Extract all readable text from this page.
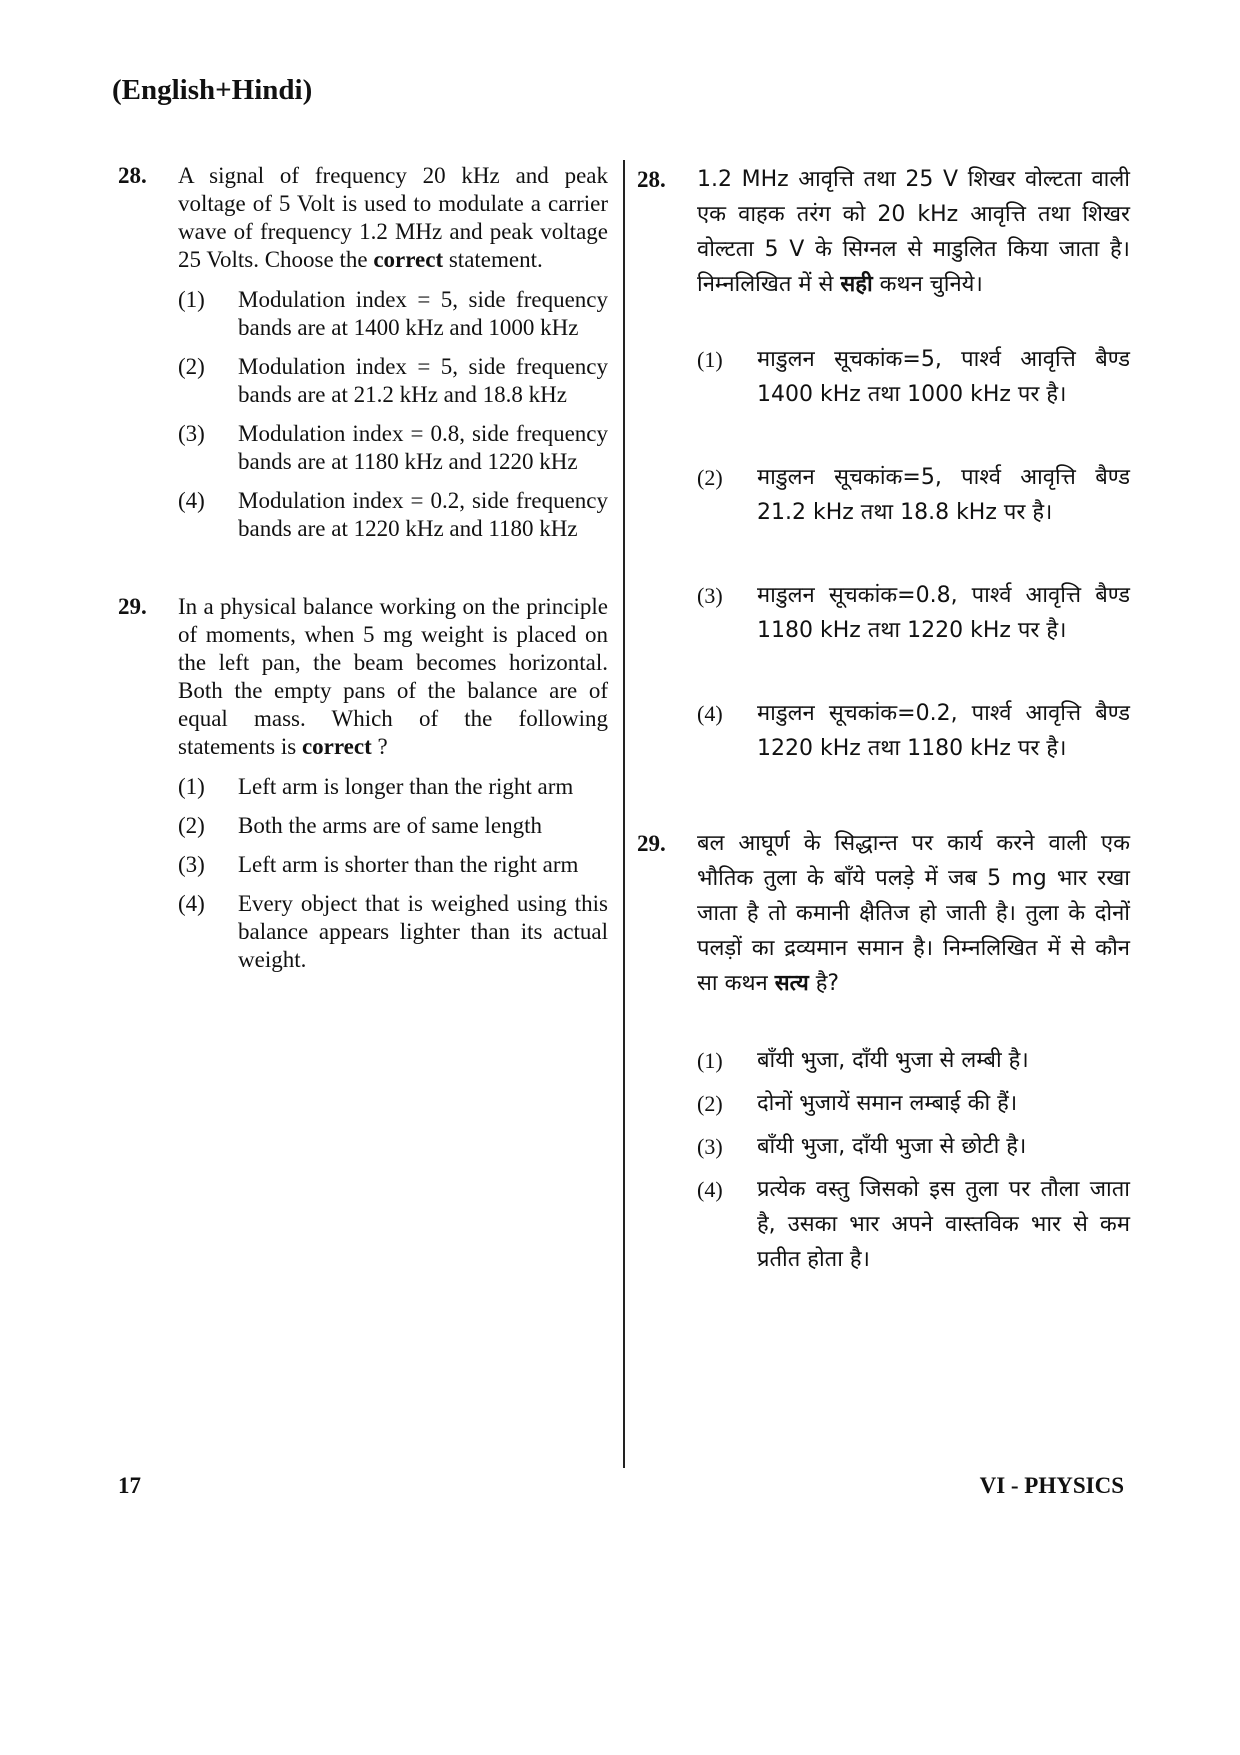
(English+Hindi)
28. A signal of frequency 20 kHz and peak voltage of 5 Volt is used to modulate a carrier wave of frequency 1.2 MHz and peak voltage 25 Volts. Choose the correct statement.
(1) Modulation index = 5, side frequency bands are at 1400 kHz and 1000 kHz
(2) Modulation index = 5, side frequency bands are at 21.2 kHz and 18.8 kHz
(3) Modulation index = 0.8, side frequency bands are at 1180 kHz and 1220 kHz
(4) Modulation index = 0.2, side frequency bands are at 1220 kHz and 1180 kHz
29. In a physical balance working on the principle of moments, when 5 mg weight is placed on the left pan, the beam becomes horizontal. Both the empty pans of the balance are of equal mass. Which of the following statements is correct ?
(1) Left arm is longer than the right arm
(2) Both the arms are of same length
(3) Left arm is shorter than the right arm
(4) Every object that is weighed using this balance appears lighter than its actual weight.
28. 1.2 MHz आवृत्ति तथा 25 V शिखर वोल्टता वाली एक वाहक तरंग को 20 kHz आवृत्ति तथा शिखर वोल्टता 5 V के सिग्नल से माडुलित किया जाता है। निम्नलिखित में से सही कथन चुनिये।
(1) माडुलन सूचकांक=5, पार्श्व आवृत्ति बैण्ड 1400 kHz तथा 1000 kHz पर है।
(2) माडुलन सूचकांक=5, पार्श्व आवृत्ति बैण्ड 21.2 kHz तथा 18.8 kHz पर है।
(3) माडुलन सूचकांक=0.8, पार्श्व आवृत्ति बैण्ड 1180 kHz तथा 1220 kHz पर है।
(4) माडुलन सूचकांक=0.2, पार्श्व आवृत्ति बैण्ड 1220 kHz तथा 1180 kHz पर है।
29. बल आघूर्ण के सिद्धान्त पर कार्य करने वाली एक भौतिक तुला के बाँये पलड़े में जब 5 mg भार रखा जाता है तो कमानी क्षैतिज हो जाती है। तुला के दोनों पलड़ों का द्रव्यमान समान है। निम्नलिखित में से कौन सा कथन सत्य है?
(1) बाँयी भुजा, दाँयी भुजा से लम्बी है।
(2) दोनों भुजायें समान लम्बाई की हैं।
(3) बाँयी भुजा, दाँयी भुजा से छोटी है।
(4) प्रत्येक वस्तु जिसको इस तुला पर तौला जाता है, उसका भार अपने वास्तविक भार से कम प्रतीत होता है।
17	VI - PHYSICS
